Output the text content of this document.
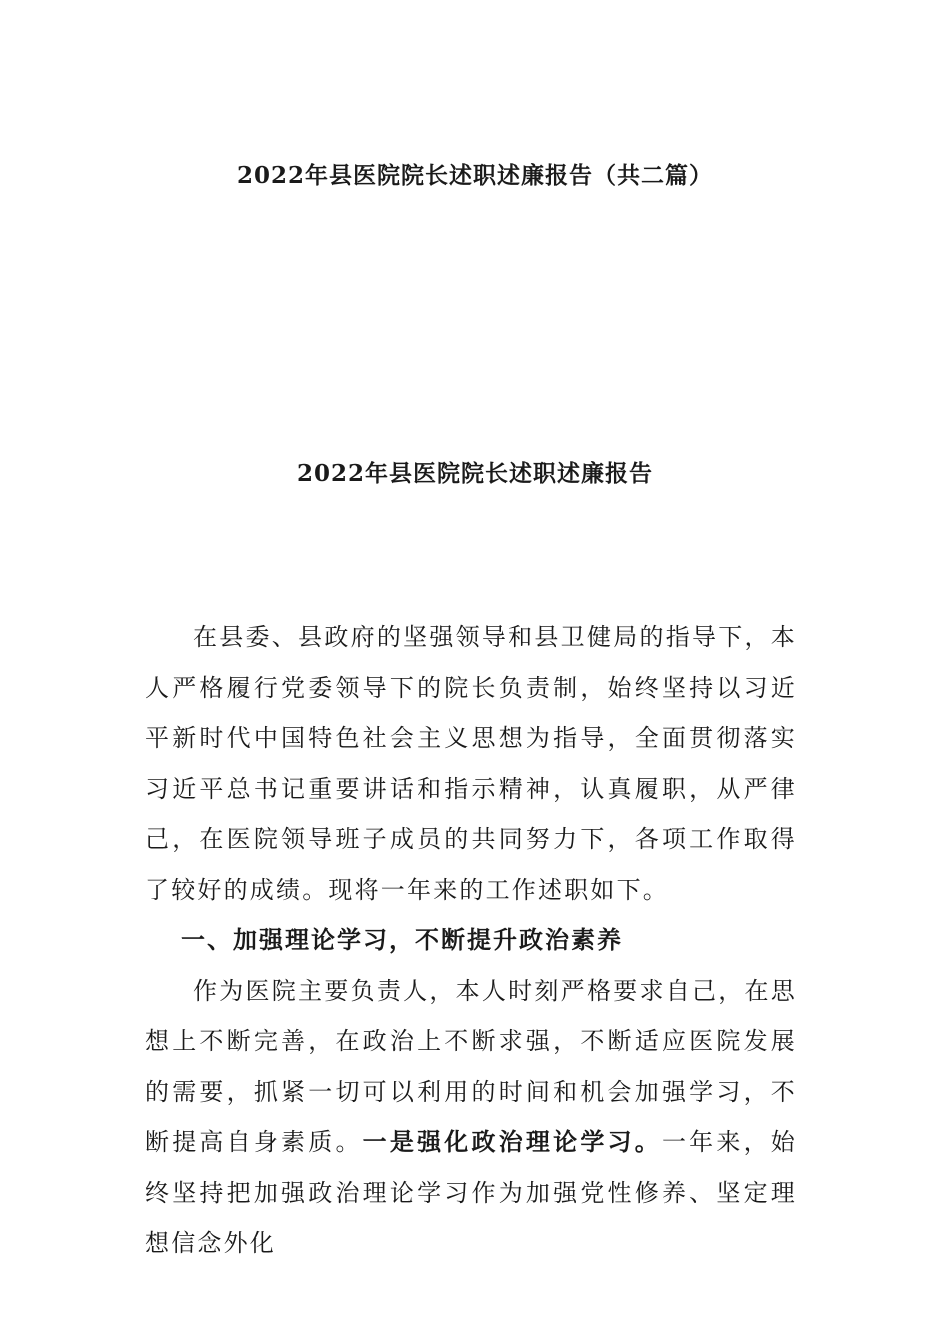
2022年县医院院长述职述廉报告（共二篇）
2022年县医院院长述职述廉报告

在县委、县政府的坚强领导和县卫健局的指导下，本人严格履行党委领导下的院长负责制，始终坚持以习近平新时代中国特色社会主义思想为指导，全面贯彻落实习近平总书记重要讲话和指示精神，认真履职，从严律己，在医院领导班子成员的共同努力下，各项工作取得了较好的成绩。现将一年来的工作述职如下。

一、加强理论学习，不断提升政治素养

作为医院主要负责人，本人时刻严格要求自己，在思想上不断完善，在政治上不断求强，不断适应医院发展的需要，抓紧一切可以利用的时间和机会加强学习，不断提高自身素质。一是强化政治理论学习。一年来，始终坚持把加强政治理论学习作为加强党性修养、坚定理想信念外化
